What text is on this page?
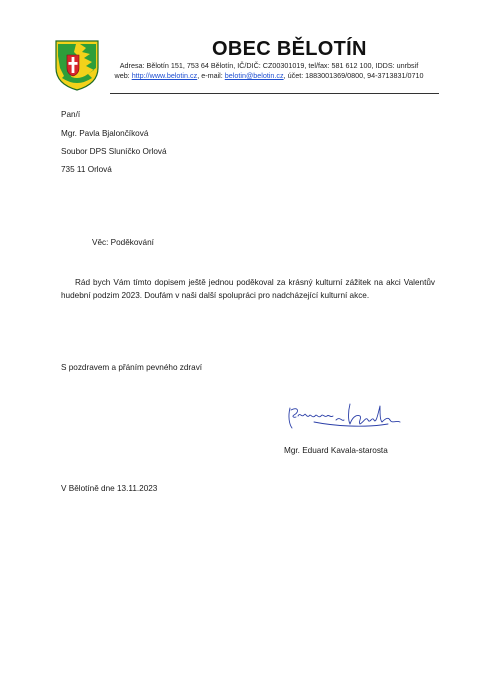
OBEC BĚLOTÍN
Adresa: Bělotín 151, 753 64 Bělotín, IČ/DIČ: CZ00301019, tel/fax: 581 612 100, IDDS: unrbsif
web: http://www.belotin.cz, e-mail: belotin@belotin.cz, účet: 1883001369/0800, 94-3713831/0710
Pan/í
Mgr. Pavla Bjalončíková
Soubor DPS Sluníčko Orlová
735 11 Orlová
Věc: Poděkování
Rád bych Vám tímto dopisem ještě jednou poděkoval za krásný kulturní zážitek na akci Valentův hudební podzim 2023. Doufám v naši další spolupráci pro nadcházející kulturní akce.
S pozdravem a přáním pevného zdraví
Mgr. Eduard Kavala-starosta
V Bělotíně dne 13.11.2023
